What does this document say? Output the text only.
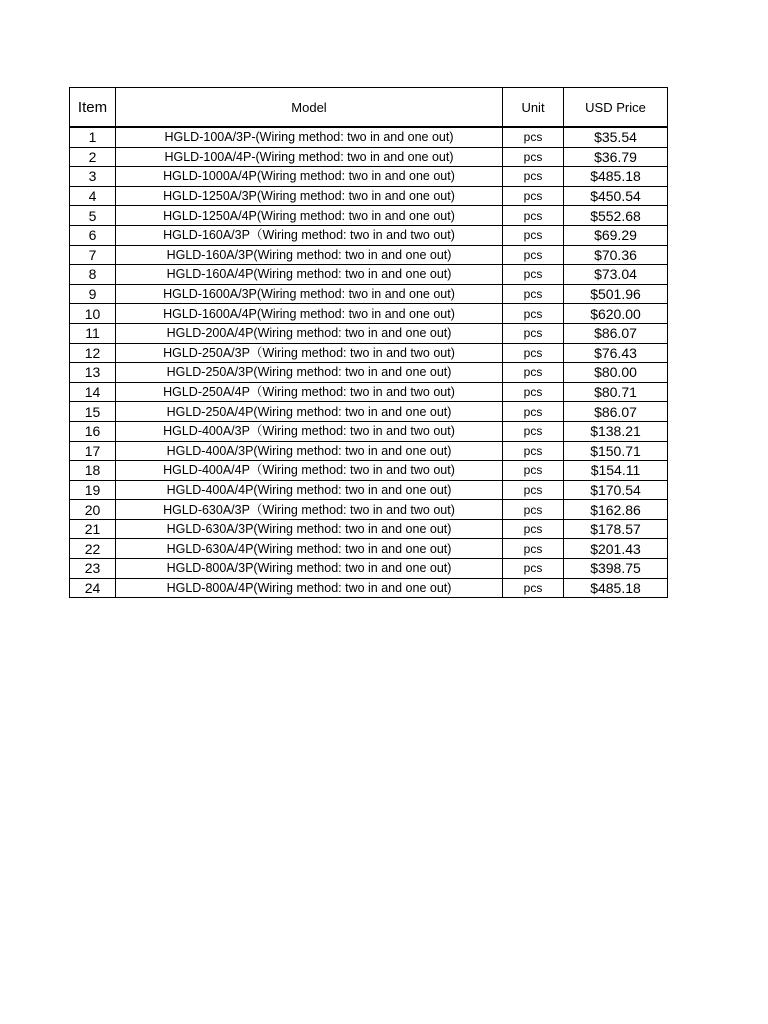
Item	Model	Unit	USD Price
1	HGLD-100A/3P-(Wiring method: two in and one out)	pcs	$35.54
2	HGLD-100A/4P-(Wiring method: two in and one out)	pcs	$36.79
3	HGLD-1000A/4P(Wiring method: two in and one out)	pcs	$485.18
4	HGLD-1250A/3P(Wiring method: two in and one out)	pcs	$450.54
5	HGLD-1250A/4P(Wiring method: two in and one out)	pcs	$552.68
6	HGLD-160A/3P（Wiring method: two in and two out)	pcs	$69.29
7	HGLD-160A/3P(Wiring method: two in and one out)	pcs	$70.36
8	HGLD-160A/4P(Wiring method: two in and one out)	pcs	$73.04
9	HGLD-1600A/3P(Wiring method: two in and one out)	pcs	$501.96
10	HGLD-1600A/4P(Wiring method: two in and one out)	pcs	$620.00
11	HGLD-200A/4P(Wiring method: two in and one out)	pcs	$86.07
12	HGLD-250A/3P（Wiring method: two in and two out)	pcs	$76.43
13	HGLD-250A/3P(Wiring method: two in and one out)	pcs	$80.00
14	HGLD-250A/4P（Wiring method: two in and two out)	pcs	$80.71
15	HGLD-250A/4P(Wiring method: two in and one out)	pcs	$86.07
16	HGLD-400A/3P（Wiring method: two in and two out)	pcs	$138.21
17	HGLD-400A/3P(Wiring method: two in and one out)	pcs	$150.71
18	HGLD-400A/4P（Wiring method: two in and two out)	pcs	$154.11
19	HGLD-400A/4P(Wiring method: two in and one out)	pcs	$170.54
20	HGLD-630A/3P（Wiring method: two in and two out)	pcs	$162.86
21	HGLD-630A/3P(Wiring method: two in and one out)	pcs	$178.57
22	HGLD-630A/4P(Wiring method: two in and one out)	pcs	$201.43
23	HGLD-800A/3P(Wiring method: two in and one out)	pcs	$398.75
24	HGLD-800A/4P(Wiring method: two in and one out)	pcs	$485.18
